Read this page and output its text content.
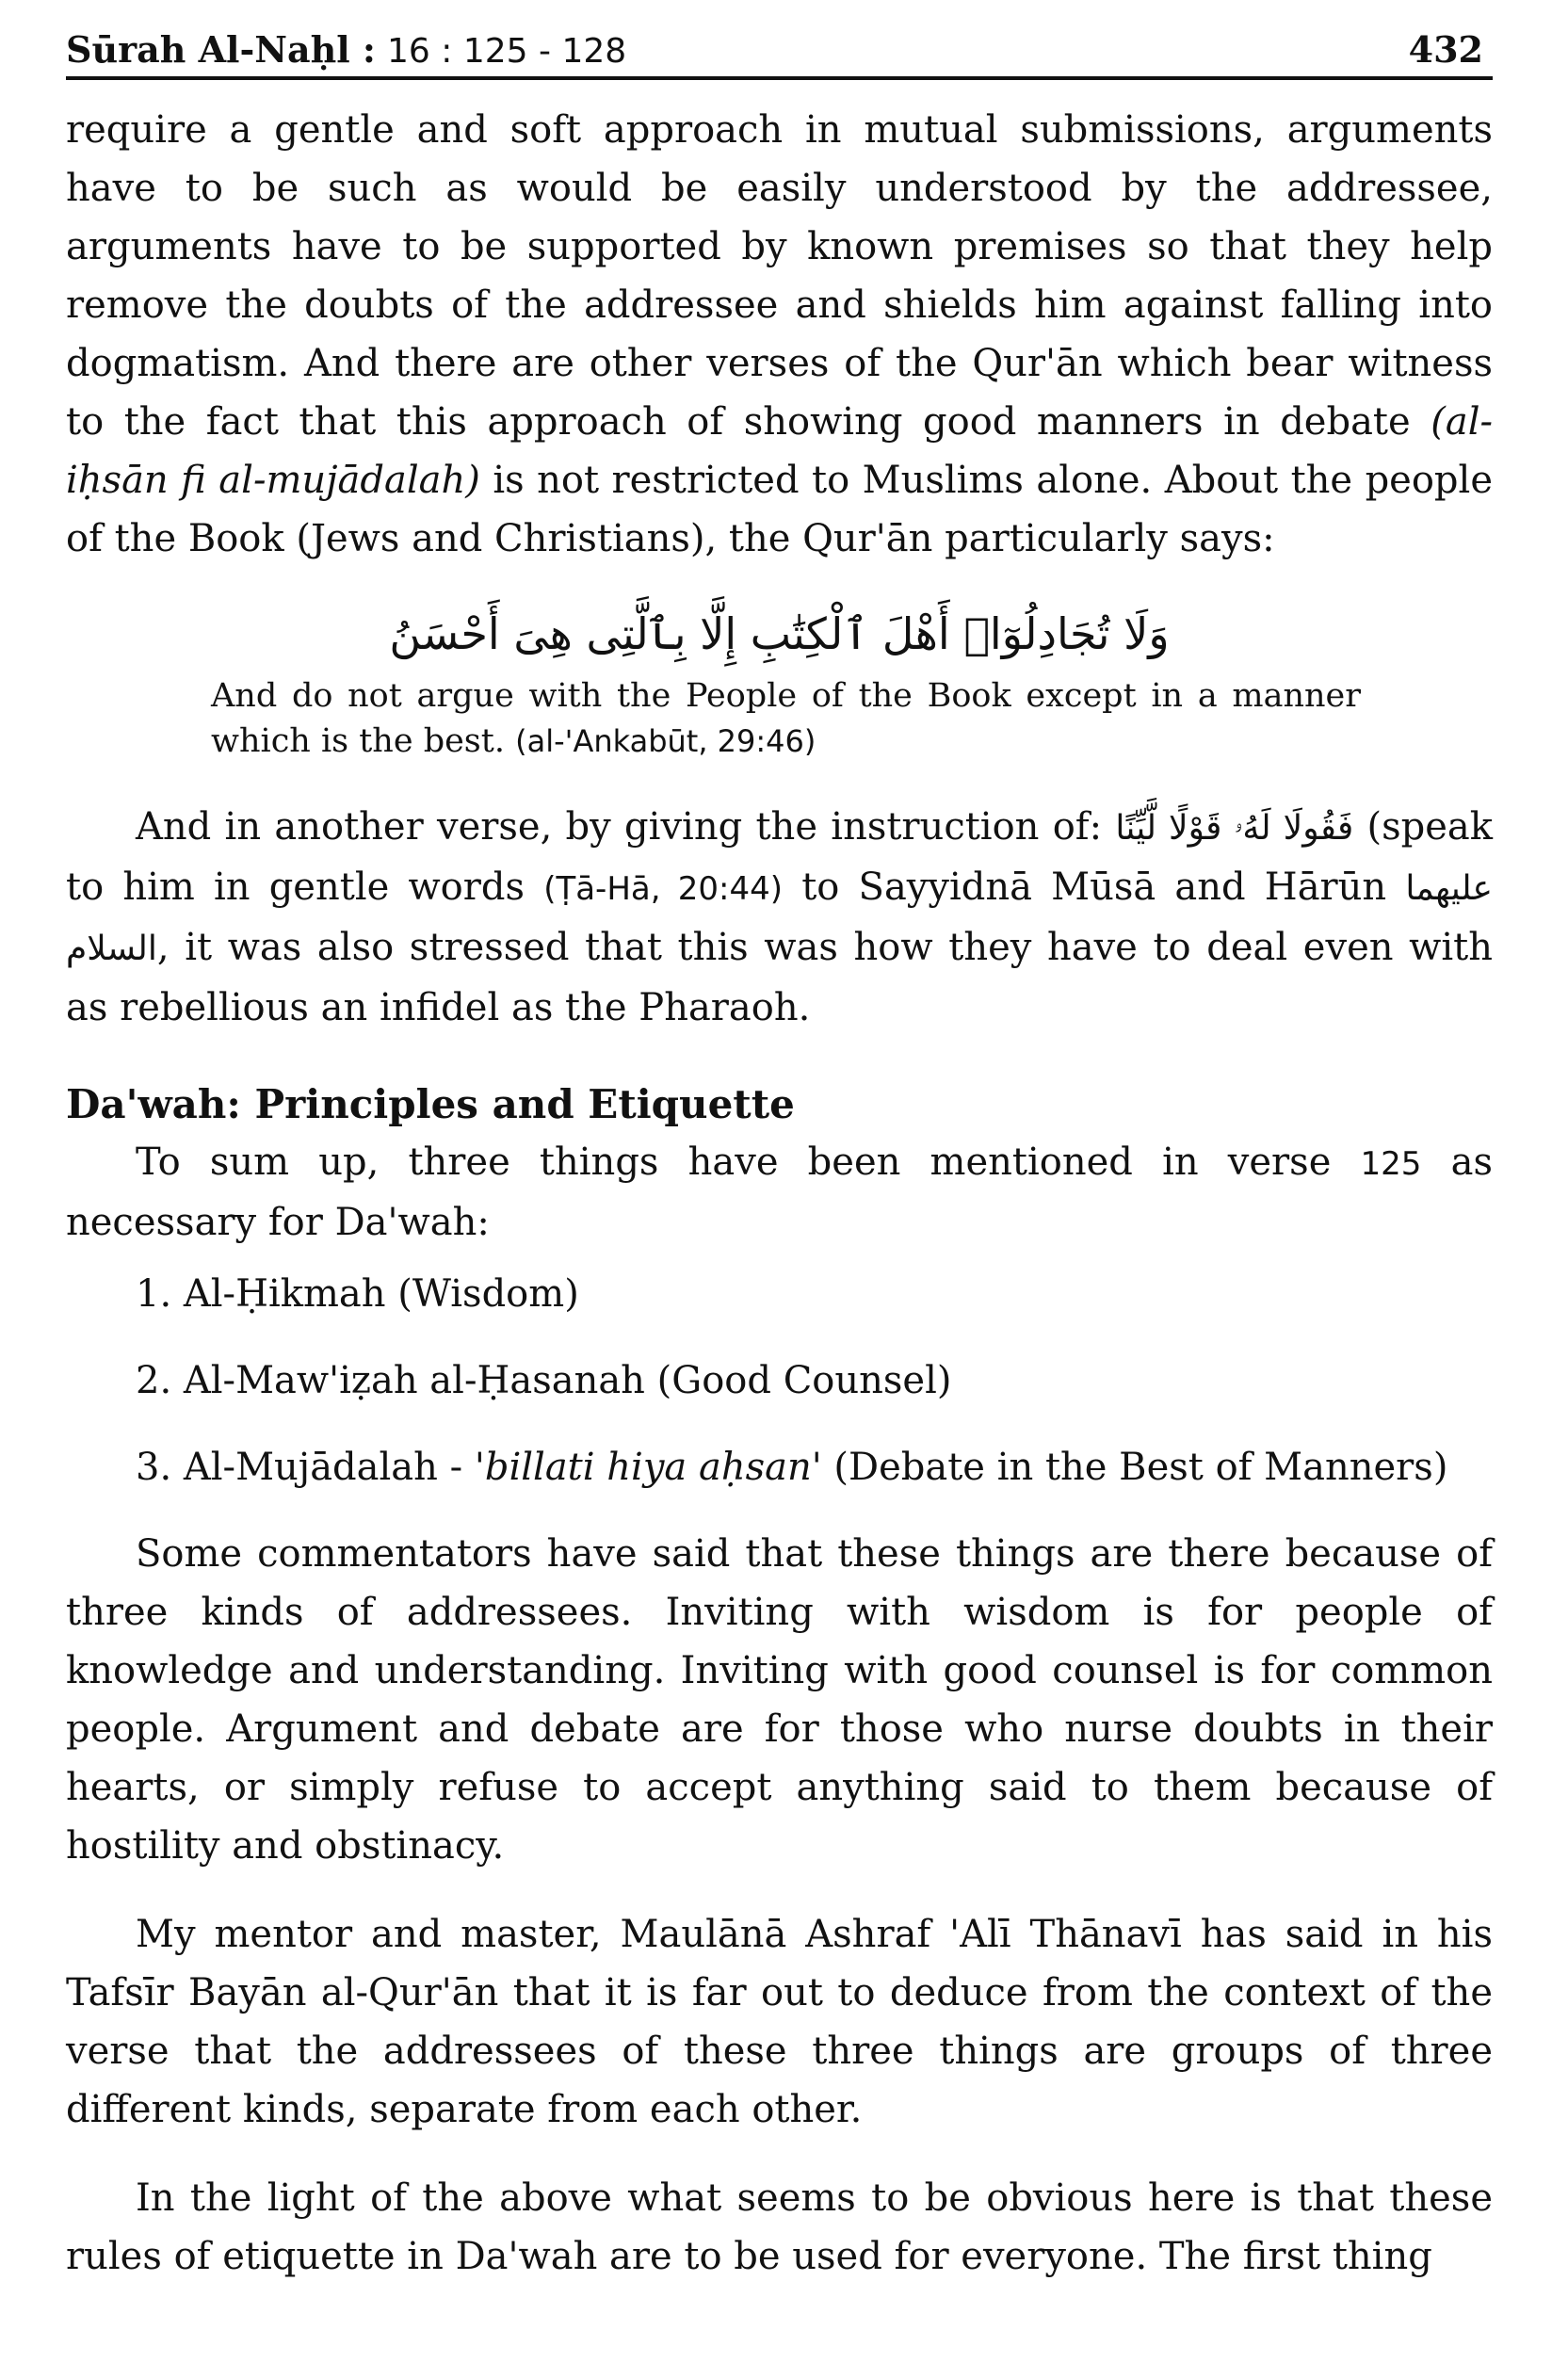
Sūrah Al-Naḥl : 16 : 125 - 128	432

require a gentle and soft approach in mutual submissions, arguments have to be such as would be easily understood by the addressee, arguments have to be supported by known premises so that they help remove the doubts of the addressee and shields him against falling into dogmatism. And there are other verses of the Qur'ān which bear witness to the fact that this approach of showing good manners in debate (al-iḥsān fi al-mujādalah) is not restricted to Muslims alone. About the people of the Book (Jews and Christians), the Qur'ān particularly says:

وَلَا تُجَادِلُوٓا۟ أَهْلَ ٱلْكِتَٰبِ إِلَّا بِٱلَّتِى هِىَ أَحْسَنُ
And do not argue with the People of the Book except in a manner which is the best. (al-'Ankabūt, 29:46)

And in another verse, by giving the instruction of: فَقُولَا لَهُۥ قَوْلًا لَّيِّنًا (speak to him in gentle words (Ṭā-Hā, 20:44) to Sayyidnā Mūsā and Hārūn عليهما السلام, it was also stressed that this was how they have to deal even with as rebellious an infidel as the Pharaoh.

Da'wah: Principles and Etiquette

To sum up, three things have been mentioned in verse 125 as necessary for Da'wah:

1. Al-Ḥikmah (Wisdom)
2. Al-Maw'iẓah al-Ḥasanah (Good Counsel)
3. Al-Mujādalah - 'billati hiya aḥsan' (Debate in the Best of Manners)

Some commentators have said that these things are there because of three kinds of addressees. Inviting with wisdom is for people of knowledge and understanding. Inviting with good counsel is for common people. Argument and debate are for those who nurse doubts in their hearts, or simply refuse to accept anything said to them because of hostility and obstinacy.

My mentor and master, Maulānā Ashraf 'Alī Thānavī has said in his Tafsīr Bayān al-Qur'ān that it is far out to deduce from the context of the verse that the addressees of these three things are groups of three different kinds, separate from each other.

In the light of the above what seems to be obvious here is that these rules of etiquette in Da'wah are to be used for everyone. The first thing
